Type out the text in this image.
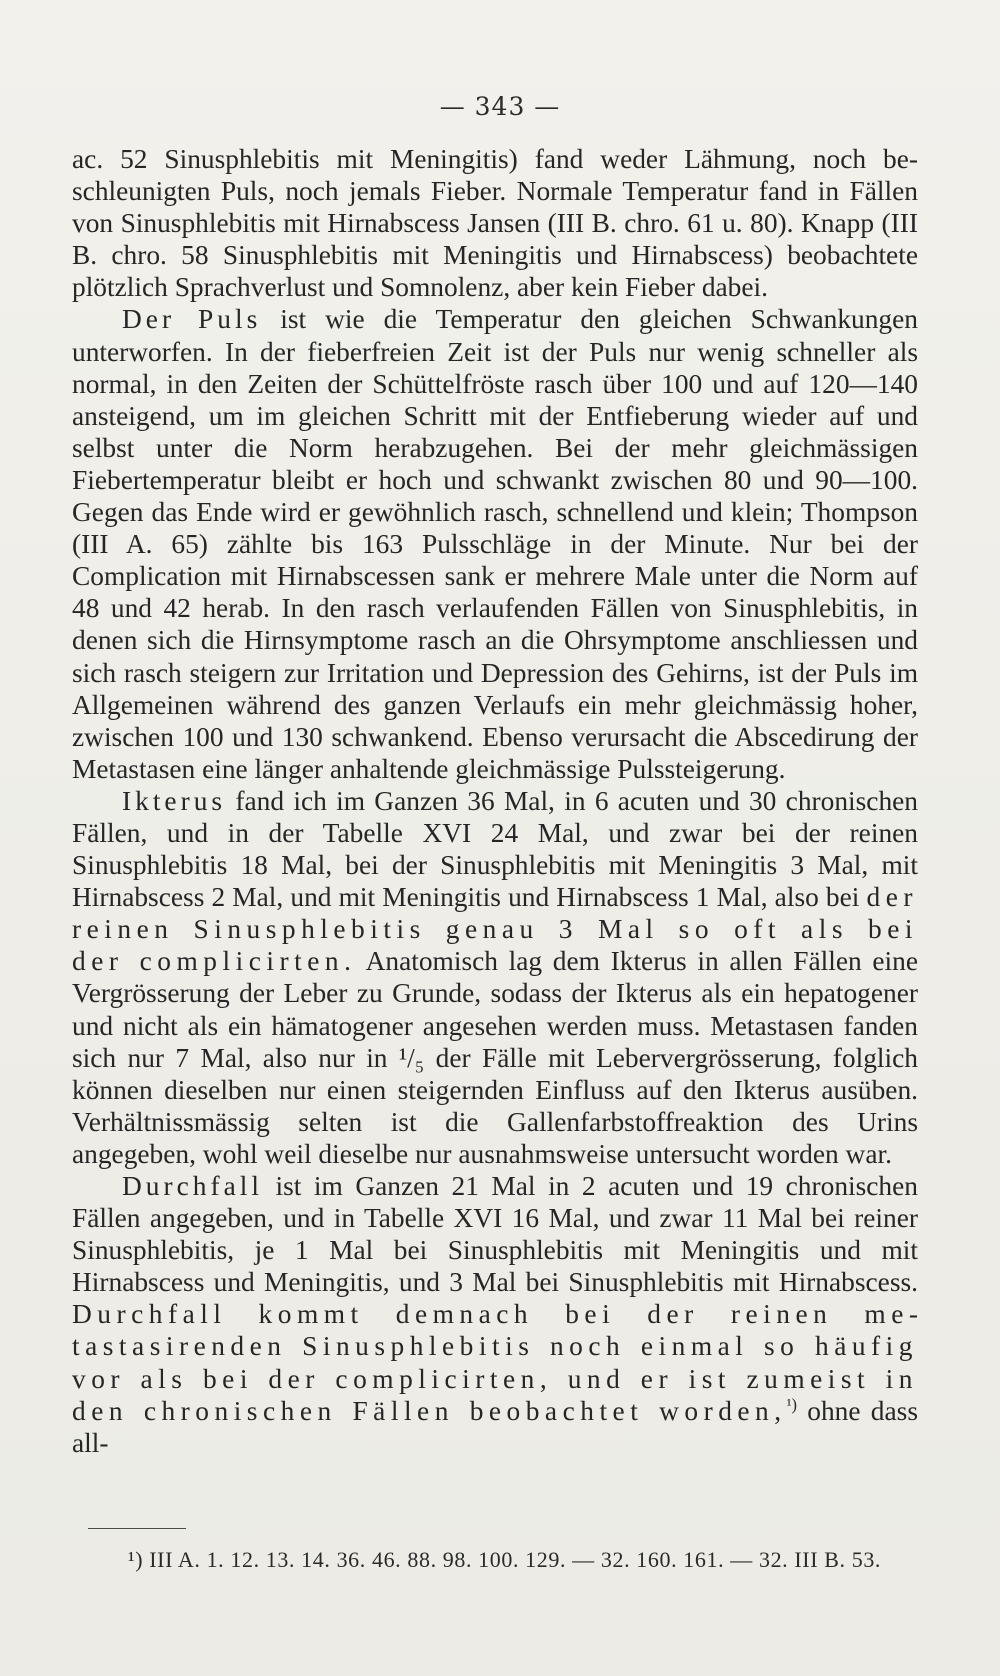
— 343 —

ac. 52 Sinusphlebitis mit Meningitis) fand weder Lähmung, noch beschleunigten Puls, noch jemals Fieber. Normale Temperatur fand in Fällen von Sinusphlebitis mit Hirnabscess Jansen (III B. chro. 61 u. 80). Knapp (III B. chro. 58 Sinusphlebitis mit Meningitis und Hirnabscess) beobachtete plötzlich Sprachverlust und Somnolenz, aber kein Fieber dabei.

Der Puls ist wie die Temperatur den gleichen Schwankungen unterworfen. In der fieberfreien Zeit ist der Puls nur wenig schneller als normal, in den Zeiten der Schüttelfröste rasch über 100 und auf 120—140 ansteigend, um im gleichen Schritt mit der Entfieberung wieder auf und selbst unter die Norm herabzugehen. Bei der mehr gleichmässigen Fiebertemperatur bleibt er hoch und schwankt zwischen 80 und 90—100. Gegen das Ende wird er gewöhnlich rasch, schnellend und klein; Thompson (III A. 65) zählte bis 163 Pulsschläge in der Minute. Nur bei der Complication mit Hirnabscessen sank er mehrere Male unter die Norm auf 48 und 42 herab. In den rasch verlaufenden Fällen von Sinusphlebitis, in denen sich die Hirnsymptome rasch an die Ohrsymptome anschliessen und sich rasch steigern zur Irritation und Depression des Gehirns, ist der Puls im Allgemeinen während des ganzen Verlaufs ein mehr gleichmässig hoher, zwischen 100 und 130 schwankend. Ebenso verursacht die Abscedirung der Metastasen eine länger anhaltende gleichmässige Pulssteigerung.

Ikterus fand ich im Ganzen 36 Mal, in 6 acuten und 30 chronischen Fällen, und in der Tabelle XVI 24 Mal, und zwar bei der reinen Sinusphlebitis 18 Mal, bei der Sinusphlebitis mit Meningitis 3 Mal, mit Hirnabscess 2 Mal, und mit Meningitis und Hirnabscess 1 Mal, also bei der reinen Sinusphlebitis genau 3 Mal so oft als bei der complicirten. Anatomisch lag dem Ikterus in allen Fällen eine Vergrösserung der Leber zu Grunde, sodass der Ikterus als ein hepatogener und nicht als ein hämatogener angesehen werden muss. Metastasen fanden sich nur 7 Mal, also nur in ¹/₅ der Fälle mit Lebervergrösserung, folglich können dieselben nur einen steigernden Einfluss auf den Ikterus ausüben. Verhältnissmässig selten ist die Gallenfarbstoffreaktion des Urins angegeben, wohl weil dieselbe nur ausnahmsweise untersucht worden war.

Durchfall ist im Ganzen 21 Mal in 2 acuten und 19 chronischen Fällen angegeben, und in Tabelle XVI 16 Mal, und zwar 11 Mal bei reiner Sinusphlebitis, je 1 Mal bei Sinusphlebitis mit Meningitis und mit Hirnabscess und Meningitis, und 3 Mal bei Sinusphlebitis mit Hirnabscess. Durchfall kommt demnach bei der reinen metastasirenden Sinusphlebitis noch einmal so häufig vor als bei der complicirten, und er ist zumeist in den chronischen Fällen beobachtet worden,$^{^1)}$ ohne dass all-

¹) III A. 1. 12. 13. 14. 36. 46. 88. 98. 100. 129. — 32. 160. 161. — 32. III B. 53.
